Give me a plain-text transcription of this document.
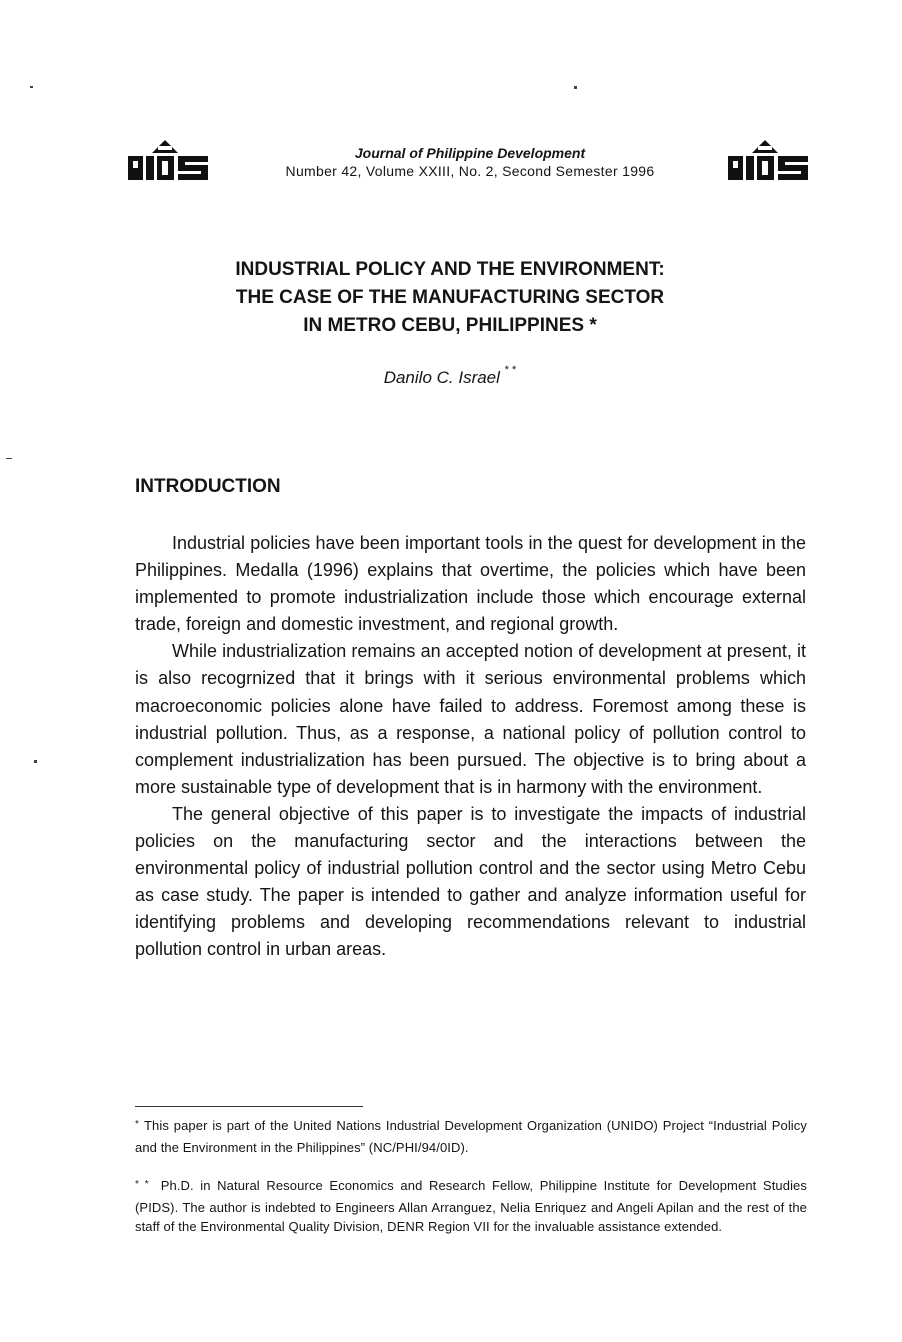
Journal of Philippine Development
Number 42, Volume XXIII, No. 2, Second Semester 1996
INDUSTRIAL POLICY AND THE ENVIRONMENT:
THE CASE OF THE MANUFACTURING SECTOR
IN METRO CEBU, PHILIPPINES *
Danilo C. Israel * *
INTRODUCTION

Industrial policies have been important tools in the quest for development in the Philippines. Medalla (1996) explains that overtime, the policies which have been implemented to promote industrialization include those which encourage external trade, foreign and domestic investment, and regional growth.

While industrialization remains an accepted notion of development at present, it is also recogrnized that it brings with it serious environmental problems which macroeconomic policies alone have failed to address. Foremost among these is industrial pollution. Thus, as a response, a national policy of pollution control to complement industrialization has been pursued. The objective is to bring about a more sustainable type of development that is in harmony with the environment.

The general objective of this paper is to investigate the impacts of industrial policies on the manufacturing sector and the interactions between the environmental policy of industrial pollution control and the sector using Metro Cebu as case study. The paper is intended to gather and analyze information useful for identifying problems and developing recommendations relevant to industrial pollution control in urban areas.

* This paper is part of the United Nations Industrial Development Organization (UNIDO) Project “Industrial Policy and the Environment in the Philippines” (NC/PHI/94/0ID).
* * Ph.D. in Natural Resource Economics and Research Fellow, Philippine Institute for Development Studies (PIDS). The author is indebted to Engineers Allan Arranguez, Nelia Enriquez and Angeli Apilan and the rest of the staff of the Environmental Quality Division, DENR Region VII for the invaluable assistance extended.
